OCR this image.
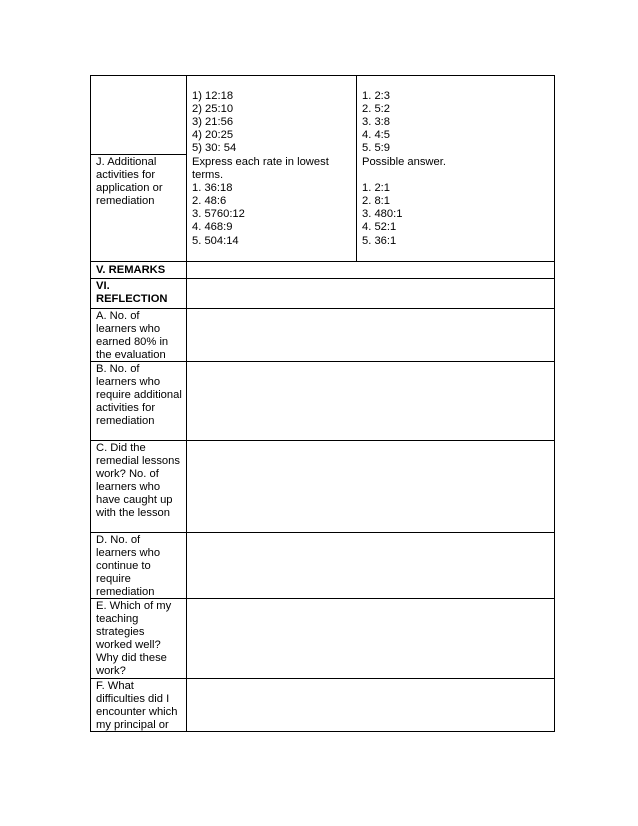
1) 12:18
2) 25:10
3) 21:56
4) 20:25
5) 30: 54
1. 2:3
2. 5:2
3. 3:8
4. 4:5
5. 5:9
J. Additional activities for application or remediation
Express each rate in lowest terms.
1. 36:18
2. 48:6
3. 5760:12
4. 468:9
5. 504:14
Possible answer.

1. 2:1
2. 8:1
3. 480:1
4. 52:1
5. 36:1
V. REMARKS
VI.
REFLECTION
A. No. of learners who earned 80% in the evaluation
B. No. of learners who require additional activities for remediation
C. Did the remedial lessons work? No. of learners who have caught up with the lesson
D. No. of learners who continue to require remediation
E. Which of my teaching strategies worked well? Why did these work?
F. What difficulties did I encounter which my principal or
